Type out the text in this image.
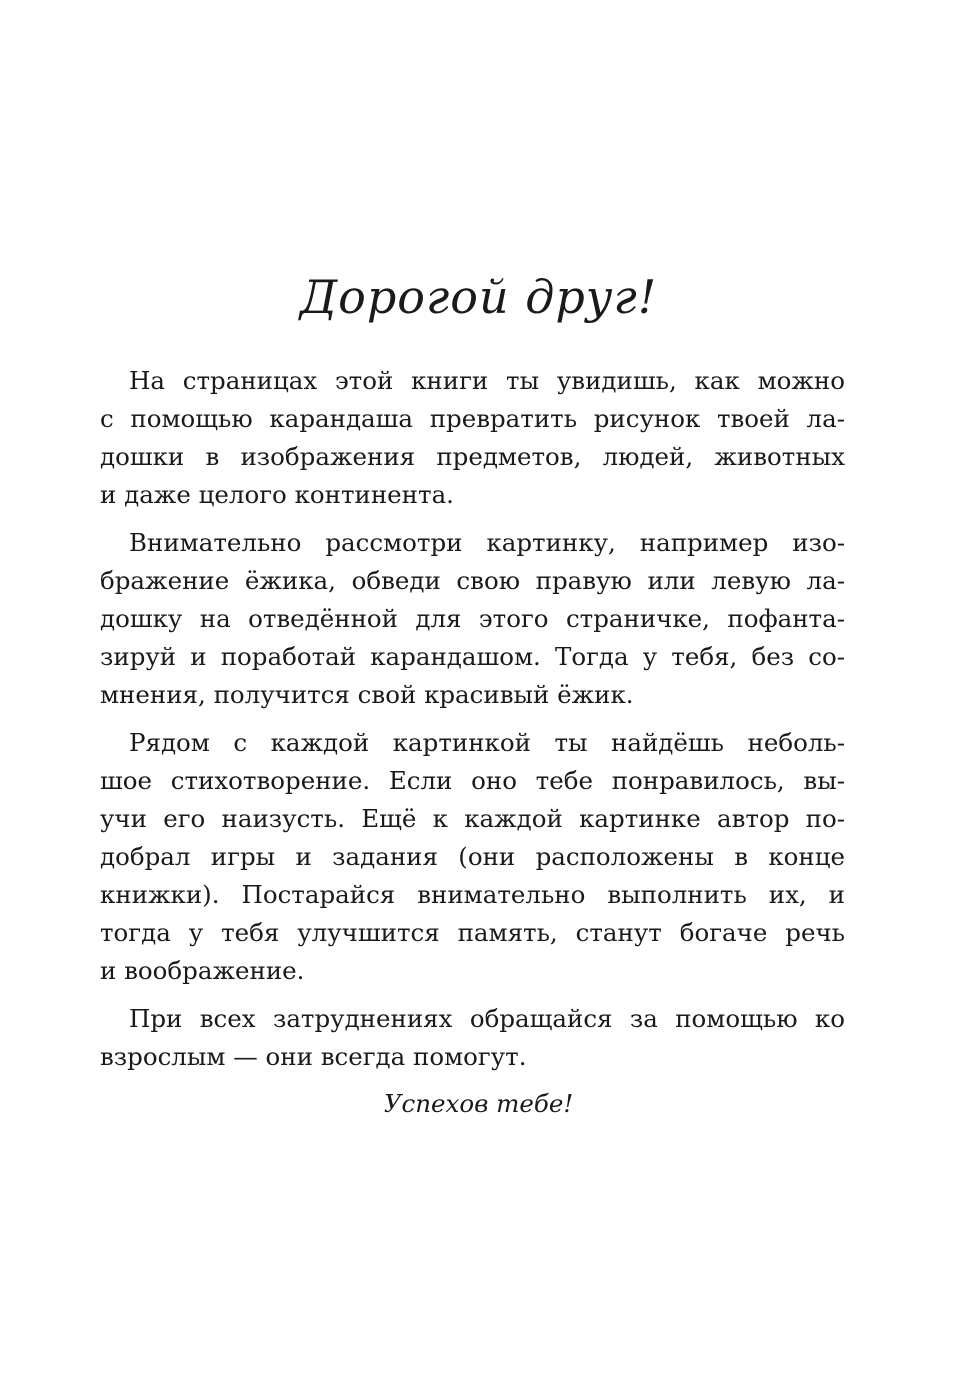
Дорогой друг!

На страницах этой книги ты увидишь, как можно
с помощью карандаша превратить рисунок твоей ла-
дошки в изображения предметов, людей, животных
и даже целого континента.

Внимательно рассмотри картинку, например изо-
бражение ёжика, обведи свою правую или левую ла-
дошку на отведённой для этого страничке, пофанта-
зируй и поработай карандашом. Тогда у тебя, без со-
мнения, получится свой красивый ёжик.

Рядом с каждой картинкой ты найдёшь неболь-
шое стихотворение. Если оно тебе понравилось, вы-
учи его наизусть. Ещё к каждой картинке автор по-
добрал игры и задания (они расположены в конце
книжки). Постарайся внимательно выполнить их, и
тогда у тебя улучшится память, станут богаче речь
и воображение.

При всех затруднениях обращайся за помощью ко
взрослым — они всегда помогут.

Успехов тебе!
